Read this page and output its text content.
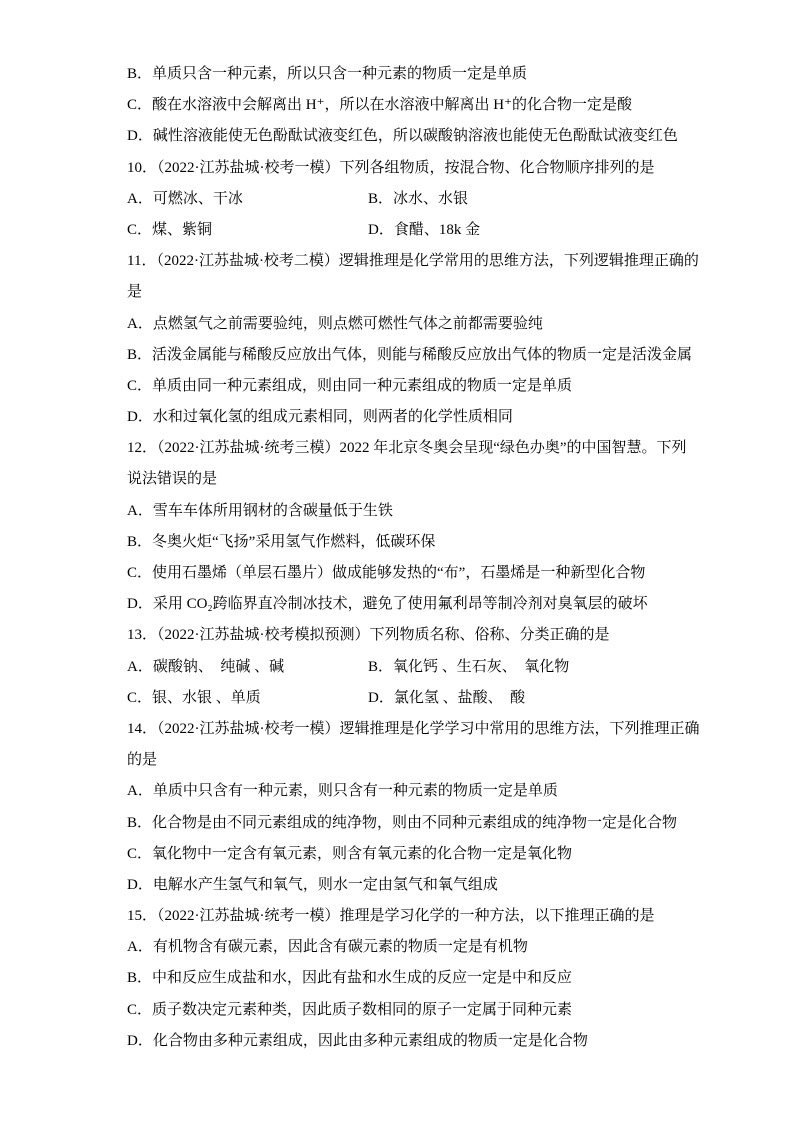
B．单质只含一种元素，所以只含一种元素的物质一定是单质
C．酸在水溶液中会解离出 H⁺，所以在水溶液中解离出 H⁺的化合物一定是酸
D．碱性溶液能使无色酚酞试液变红色，所以碳酸钠溶液也能使无色酚酞试液变红色
10．（2022·江苏盐城·校考一模）下列各组物质，按混合物、化合物顺序排列的是
A．可燃冰、干冰	B．冰水、水银
C．煤、紫铜	D．食醋、18k 金
11．（2022·江苏盐城·校考二模）逻辑推理是化学常用的思维方法，下列逻辑推理正确的
是
A．点燃氢气之前需要验纯，则点燃可燃性气体之前都需要验纯
B．活泼金属能与稀酸反应放出气体，则能与稀酸反应放出气体的物质一定是活泼金属
C．单质由同一种元素组成，则由同一种元素组成的物质一定是单质
D．水和过氧化氢的组成元素相同，则两者的化学性质相同
12．（2022·江苏盐城·统考三模）2022 年北京冬奥会呈现“绿色办奥”的中国智慧。下列
说法错误的是
A．雪车车体所用钢材的含碳量低于生铁
B．冬奥火炬“飞扬”采用氢气作燃料，低碳环保
C．使用石墨烯（单层石墨片）做成能够发热的“布”，石墨烯是一种新型化合物
D．采用 CO₂跨临界直冷制冰技术，避免了使用氟利昂等制冷剂对臭氧层的破坏
13．（2022·江苏盐城·校考模拟预测）下列物质名称、俗称、分类正确的是
A．碳酸钠、  纯碱 、碱	B．氧化钙 、生石灰、  氧化物
C．银、水银 、单质	D．氯化氢 、盐酸、  酸
14．（2022·江苏盐城·校考一模）逻辑推理是化学学习中常用的思维方法，下列推理正确
的是
A．单质中只含有一种元素，则只含有一种元素的物质一定是单质
B．化合物是由不同元素组成的纯净物，则由不同种元素组成的纯净物一定是化合物
C．氧化物中一定含有氧元素，则含有氧元素的化合物一定是氧化物
D．电解水产生氢气和氧气，则水一定由氢气和氧气组成
15．（2022·江苏盐城·统考一模）推理是学习化学的一种方法，以下推理正确的是
A．有机物含有碳元素，因此含有碳元素的物质一定是有机物
B．中和反应生成盐和水，因此有盐和水生成的反应一定是中和反应
C．质子数决定元素种类，因此质子数相同的原子一定属于同种元素
D．化合物由多种元素组成，因此由多种元素组成的物质一定是化合物
